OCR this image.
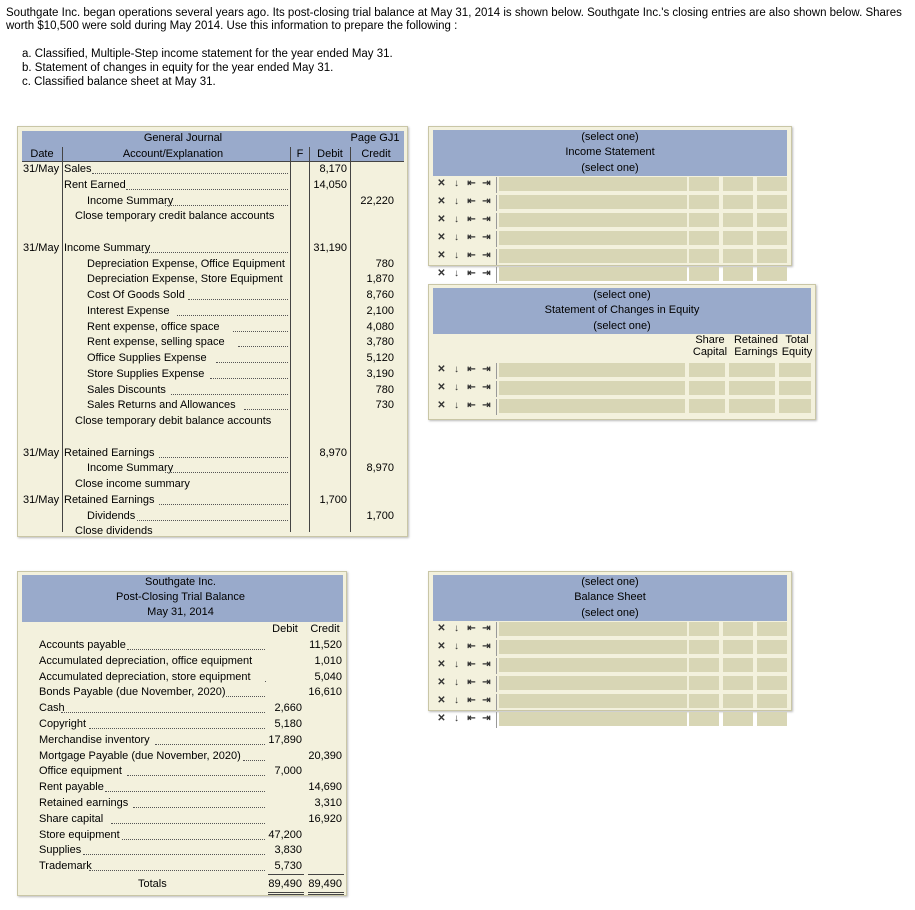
Southgate Inc. began operations several years ago. Its post-closing trial balance at May 31, 2014 is shown below. Southgate Inc.'s closing entries are also shown below. Shares worth $10,500 were sold during May 2014. Use this information to prepare the following :
a. Classified, Multiple-Step income statement for the year ended May 31.
b. Statement of changes in equity for the year ended May 31.
c. Classified balance sheet at May 31.
General Journal	Page GJ1
Date	Account/Explanation	F	Debit	Credit
31/May Sales	8,170
Rent Earned	14,050
Income Summary	22,220
Close temporary credit balance accounts
31/May Income Summary	31,190
Depreciation Expense, Office Equipment	780
Depreciation Expense, Store Equipment	1,870
Cost Of Goods Sold	8,760
Interest Expense	2,100
Rent expense, office space	4,080
Rent expense, selling space	3,780
Office Supplies Expense	5,120
Store Supplies Expense	3,190
Sales Discounts	780
Sales Returns and Allowances	730
Close temporary debit balance accounts
31/May Retained Earnings	8,970
Income Summary	8,970
Close income summary
31/May Retained Earnings	1,700
Dividends	1,700
Close dividends
Southgate Inc.
Post-Closing Trial Balance
May 31, 2014
Debit	Credit
Accounts payable	11,520
Accumulated depreciation, office equipment	1,010
Accumulated depreciation, store equipment	5,040
Bonds Payable (due November, 2020)	16,610
Cash	2,660
Copyright	5,180
Merchandise inventory	17,890
Mortgage Payable (due November, 2020)	20,390
Office equipment	7,000
Rent payable	14,690
Retained earnings	3,310
Share capital	16,920
Store equipment	47,200
Supplies	3,830
Trademark	5,730
Totals	89,490 89,490
(select one)
Income Statement
(select one)
✕ ↓ ⇤ ⇥
✕ ↓ ⇤ ⇥
✕ ↓ ⇤ ⇥
✕ ↓ ⇤ ⇥
✕ ↓ ⇤ ⇥
✕ ↓ ⇤ ⇥
(select one)
Statement of Changes in Equity
(select one)
Share
Capital
Retained
Earnings
Total
Equity
✕ ↓ ⇤ ⇥
✕ ↓ ⇤ ⇥
✕ ↓ ⇤ ⇥
(select one)
Balance Sheet
(select one)
✕ ↓ ⇤ ⇥
✕ ↓ ⇤ ⇥
✕ ↓ ⇤ ⇥
✕ ↓ ⇤ ⇥
✕ ↓ ⇤ ⇥
✕ ↓ ⇤ ⇥
